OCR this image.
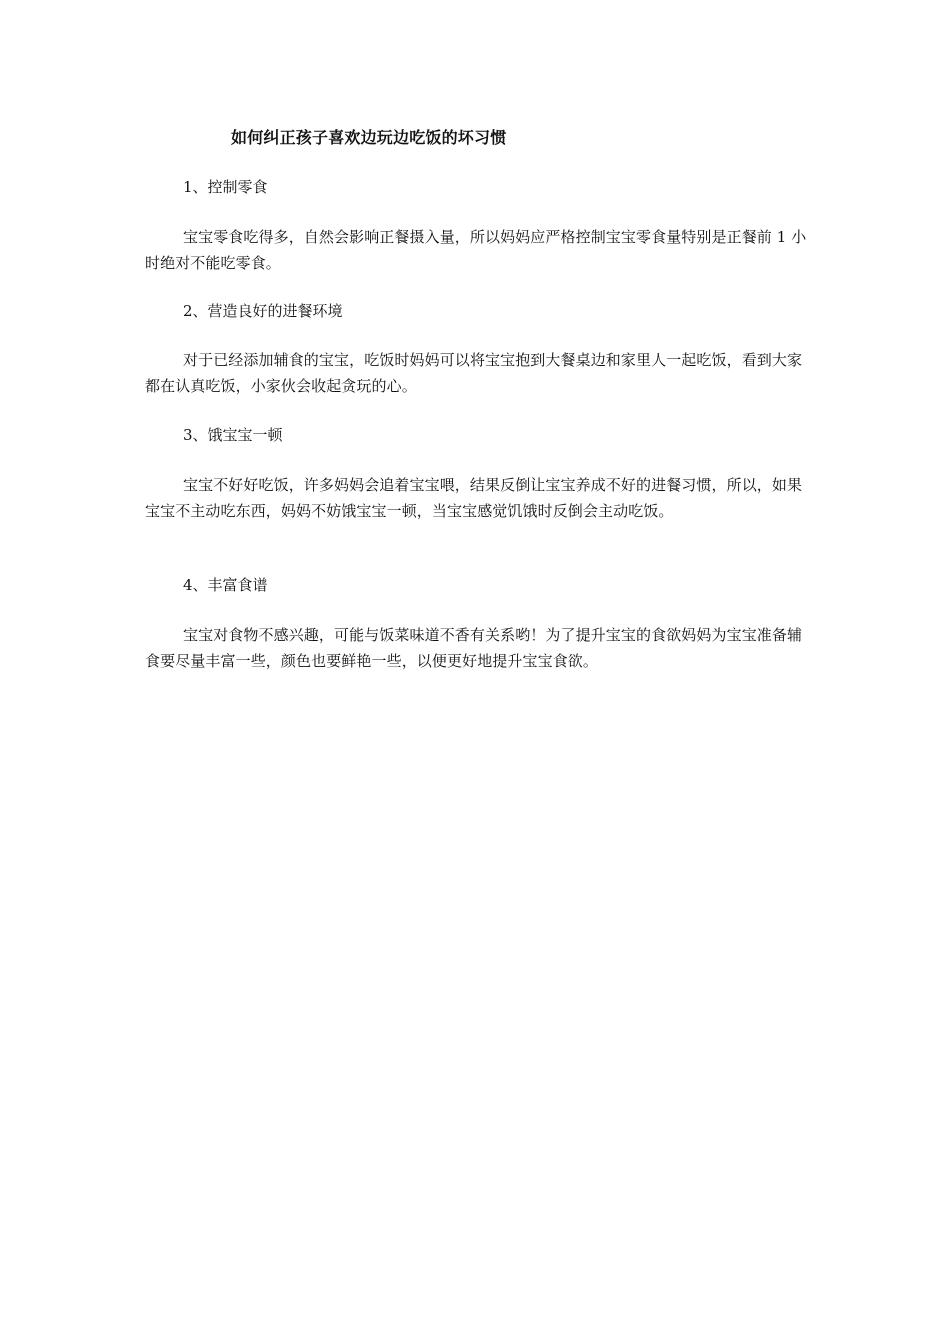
如何纠正孩子喜欢边玩边吃饭的坏习惯
1、控制零食

宝宝零食吃得多，自然会影响正餐摄入量，所以妈妈应严格控制宝宝零食量特别是正餐前 1 小时绝对不能吃零食。

2、营造良好的进餐环境

对于已经添加辅食的宝宝，吃饭时妈妈可以将宝宝抱到大餐桌边和家里人一起吃饭，看到大家都在认真吃饭，小家伙会收起贪玩的心。

3、饿宝宝一顿

宝宝不好好吃饭，许多妈妈会追着宝宝喂，结果反倒让宝宝养成不好的进餐习惯，所以，如果宝宝不主动吃东西，妈妈不妨饿宝宝一顿，当宝宝感觉饥饿时反倒会主动吃饭。

4、丰富食谱

宝宝对食物不感兴趣，可能与饭菜味道不香有关系哟！为了提升宝宝的食欲妈妈为宝宝准备辅食要尽量丰富一些，颜色也要鲜艳一些，以便更好地提升宝宝食欲。
